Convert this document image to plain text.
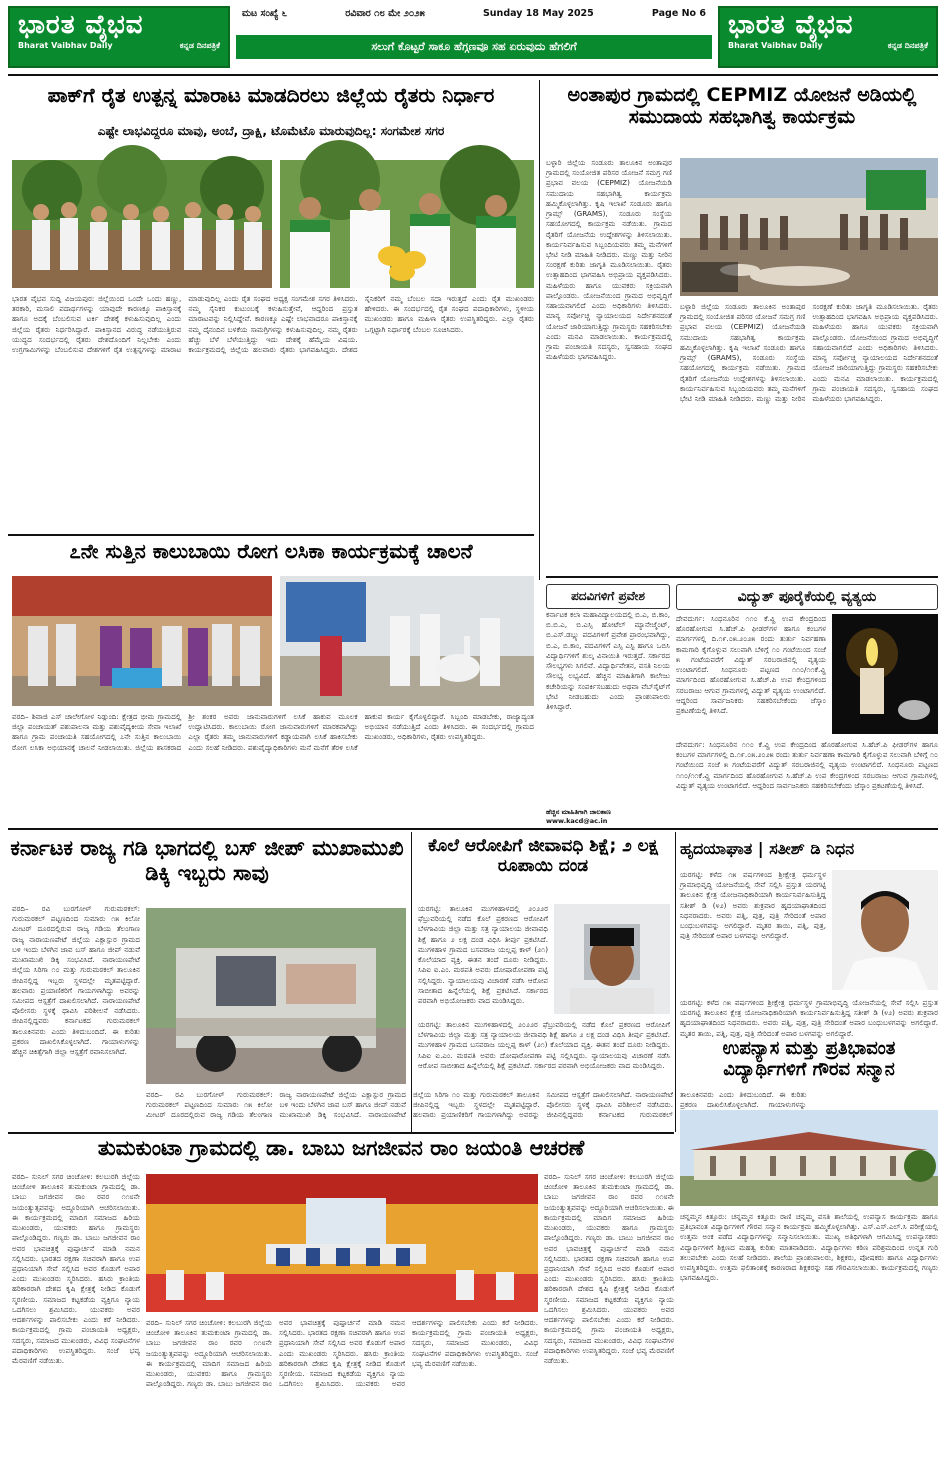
ಭಾರತ ವೈಭವ
Bharat Vaibhav Daily	ಕನ್ನಡ ದಿನಪತ್ರಿಕೆ
ಮಟ ಸಂಖ್ಯೆ ೬	ರವಿವಾರ ೧೮ ಮೇ ೨೦೨೫	Sunday 18 May 2025	Page No 6
ಸಲುಗೆ ಕೊಟ್ಟರೆ ಸಾಕೂ ಹೆಗ್ಗಣವೂ ಸಹ ಏರುವುದು ಹೆಗಲಿಗೆ
ಭಾರತ ವೈಭವ
Bharat Vaibhav Daily	ಕನ್ನಡ ದಿನಪತ್ರಿಕೆ
ಪಾಕ್‌ಗೆ ರೈತ ಉತ್ಪನ್ನ ಮಾರಾಟ ಮಾಡದಿರಲು ಜಿಲ್ಲೆಯ ರೈತರು ನಿರ್ಧಾರ
ಎಷ್ಟೇ ಲಾಭವಿದ್ದರೂ ಮಾವು, ಅಂಬೆ, ದ್ರಾಕ್ಷಿ, ಟೊಮೆಟೊ ಮಾರುವುದಿಲ್ಲ: ಸಂಗಮೇಶ ಸಗರ
ಭಾರತ ವೈಭವ ಸುದ್ದಿ ವಿಜಯಪುರ: ಜಿಲ್ಲೆಯಿಂದ ಒಂದೇ ಒಂದು ಹಣ್ಣು, ತರಕಾರಿ, ಮಸಾಲಿ ಪದಾರ್ಥಗಳನ್ನು ಯಾವುದೇ ಕಾರಣಕ್ಕೂ ಪಾಕಿಸ್ತಾನಕ್ಕೆ ಹಾಗೂ ಅದಕ್ಕೆ ಬೆಂಬಲಿಸುವ ಟರ್ಕಿ ದೇಶಕ್ಕೆ ಕಳುಹಿಸುವುದಿಲ್ಲ ಎಂದು ಜಿಲ್ಲೆಯ ರೈತರು ನಿರ್ಧರಿಸಿದ್ದಾರೆ. ಪಾಕಿಸ್ತಾನದ ವಿರುದ್ಧ ನಡೆಯುತ್ತಿರುವ ಯುದ್ಧದ ಸಂದರ್ಭದಲ್ಲಿ ರೈತರು ದೇಶದೊಂದಿಗೆ ನಿಲ್ಲಬೇಕು ಎಂದು ಉಗ್ರಗಾಮಿಗಳನ್ನು ಬೆಂಬಲಿಸುವ ದೇಶಗಳಿಗೆ ರೈತ ಉತ್ಪನ್ನಗಳನ್ನು ಮಾರಾಟ ಮಾಡುವುದಿಲ್ಲ ಎಂದು ರೈತ ಸಂಘದ ಅಧ್ಯಕ್ಷ ಸಂಗಮೇಶ ಸಗರ ತಿಳಿಸಿದರು. ನಮ್ಮ ಸೈನಿಕರ ಕುಟುಂಬಕ್ಕೆ ಕಳುಹಿಸುತ್ತೇವೆ, ಆದ್ದರಿಂದ ಪ್ರಸ್ತುತ ಮಾರಾಟವನ್ನು ನಿಲ್ಲಿಸಿದ್ದೇವೆ. ಕಾರಣಕ್ಕೂ ಎಷ್ಟೇ ಲಾಭವಾದರೂ ಪಾಕಿಸ್ತಾನಕ್ಕೆ ನಮ್ಮ ದೈನಂದಿನ ಬಳಕೆಯ ಸಾಮಗ್ರಿಗಳನ್ನು ಕಳುಹಿಸುವುದಿಲ್ಲ. ನಮ್ಮ ರೈತರು ಹೆಚ್ಚು ಬೆಳೆ ಬೆಳೆಯುತ್ತಿದ್ದು ಇದು ದೇಶಕ್ಕೆ ಹೆಮ್ಮೆಯ ವಿಷಯ. ಕಾರ್ಯಕ್ರಮದಲ್ಲಿ ಜಿಲ್ಲೆಯ ಹಲವಾರು ರೈತರು ಭಾಗವಹಿಸಿದ್ದರು. ದೇಶದ ಸೈನಿಕರಿಗೆ ನಮ್ಮ ಬೆಂಬಲ ಸದಾ ಇರುತ್ತದೆ ಎಂದು ರೈತ ಮುಖಂಡರು ಹೇಳಿದರು. ಈ ಸಂದರ್ಭದಲ್ಲಿ ರೈತ ಸಂಘದ ಪದಾಧಿಕಾರಿಗಳು, ಸ್ಥಳೀಯ ಮುಖಂಡರು ಹಾಗೂ ಮಹಿಳಾ ರೈತರು ಉಪಸ್ಥಿತರಿದ್ದರು. ಎಲ್ಲಾ ರೈತರು ಒಗ್ಗಟ್ಟಾಗಿ ನಿರ್ಧಾರಕ್ಕೆ ಬೆಂಬಲ ಸೂಚಿಸಿದರು.
ಅಂತಾಪುರ ಗ್ರಾಮದಲ್ಲಿ CEPMIZ ಯೋಜನೆ ಅಡಿಯಲ್ಲಿ ಸಮುದಾಯ ಸಹಭಾಗಿತ್ವ ಕಾರ್ಯಕ್ರಮ
ಬಳ್ಳಾರಿ ಜಿಲ್ಲೆಯ ಸಂಡೂರು ತಾಲೂಕಿನ ಅಂತಾಪುರ ಗ್ರಾಮದಲ್ಲಿ ಸಂಯೋಜಿತ ಪರಿಸರ ಯೋಜನೆ ಸಮಗ್ರ ಗಣಿ ಪ್ರಭಾವ ವಲಯ (CEPMIZ) ಯೋಜನೆಯಡಿ ಸಮುದಾಯ ಸಹಭಾಗಿತ್ವ ಕಾರ್ಯಕ್ರಮ ಹಮ್ಮಿಕೊಳ್ಳಲಾಗಿತ್ತು. ಕೃಷಿ ಇಲಾಖೆ ಸಂಡೂರು ಹಾಗೂ ಗ್ರಾಮ್ಸ್ (GRAMS), ಸಂಡೂರು ಸಂಸ್ಥೆಯ ಸಹಯೋಗದಲ್ಲಿ ಕಾರ್ಯಕ್ರಮ ನಡೆಯಿತು. ಗ್ರಾಮದ ರೈತರಿಗೆ ಯೋಜನೆಯ ಉದ್ದೇಶಗಳನ್ನು ತಿಳಿಸಲಾಯಿತು. ಕಾರ್ಯನಿರ್ವಹಿಸುವ ಸಿಬ್ಬಂದಿಯವರು ತಮ್ಮ ಮನೆಗಳಿಗೆ ಭೇಟಿ ನೀಡಿ ಮಾಹಿತಿ ನೀಡಿದರು. ಮಣ್ಣು ಮತ್ತು ನೀರಿನ ಸಂರಕ್ಷಣೆ ಕುರಿತು ಜಾಗೃತಿ ಮೂಡಿಸಲಾಯಿತು. ರೈತರು ಉತ್ಸಾಹದಿಂದ ಭಾಗವಹಿಸಿ ಅಭಿಪ್ರಾಯ ವ್ಯಕ್ತಪಡಿಸಿದರು. ಮಹಿಳೆಯರು ಹಾಗೂ ಯುವಕರು ಸಕ್ರಿಯವಾಗಿ ಪಾಲ್ಗೊಂಡರು. ಯೋಜನೆಯಿಂದ ಗ್ರಾಮದ ಅಭಿವೃದ್ಧಿಗೆ ಸಹಾಯವಾಗಲಿದೆ ಎಂದು ಅಧಿಕಾರಿಗಳು ತಿಳಿಸಿದರು. ಮಾನ್ಯ ಸರ್ವೋಚ್ಚ ನ್ಯಾಯಾಲಯದ ನಿರ್ದೇಶನದಂತೆ ಯೋಜನೆ ಜಾರಿಯಾಗುತ್ತಿದ್ದು ಗ್ರಾಮಸ್ಥರು ಸಹಕರಿಸಬೇಕು ಎಂದು ಮನವಿ ಮಾಡಲಾಯಿತು. ಕಾರ್ಯಕ್ರಮದಲ್ಲಿ ಗ್ರಾಮ ಪಂಚಾಯತಿ ಸದಸ್ಯರು, ಸ್ವಸಹಾಯ ಸಂಘದ ಮಹಿಳೆಯರು ಭಾಗವಹಿಸಿದ್ದರು.
ಬಳ್ಳಾರಿ ಜಿಲ್ಲೆಯ ಸಂಡೂರು ತಾಲೂಕಿನ ಅಂತಾಪುರ ಗ್ರಾಮದಲ್ಲಿ ಸಂಯೋಜಿತ ಪರಿಸರ ಯೋಜನೆ ಸಮಗ್ರ ಗಣಿ ಪ್ರಭಾವ ವಲಯ (CEPMIZ) ಯೋಜನೆಯಡಿ ಸಮುದಾಯ ಸಹಭಾಗಿತ್ವ ಕಾರ್ಯಕ್ರಮ ಹಮ್ಮಿಕೊಳ್ಳಲಾಗಿತ್ತು. ಕೃಷಿ ಇಲಾಖೆ ಸಂಡೂರು ಹಾಗೂ ಗ್ರಾಮ್ಸ್ (GRAMS), ಸಂಡೂರು ಸಂಸ್ಥೆಯ ಸಹಯೋಗದಲ್ಲಿ ಕಾರ್ಯಕ್ರಮ ನಡೆಯಿತು. ಗ್ರಾಮದ ರೈತರಿಗೆ ಯೋಜನೆಯ ಉದ್ದೇಶಗಳನ್ನು ತಿಳಿಸಲಾಯಿತು. ಕಾರ್ಯನಿರ್ವಹಿಸುವ ಸಿಬ್ಬಂದಿಯವರು ತಮ್ಮ ಮನೆಗಳಿಗೆ ಭೇಟಿ ನೀಡಿ ಮಾಹಿತಿ ನೀಡಿದರು. ಮಣ್ಣು ಮತ್ತು ನೀರಿನ ಸಂರಕ್ಷಣೆ ಕುರಿತು ಜಾಗೃತಿ ಮೂಡಿಸಲಾಯಿತು. ರೈತರು ಉತ್ಸಾಹದಿಂದ ಭಾಗವಹಿಸಿ ಅಭಿಪ್ರಾಯ ವ್ಯಕ್ತಪಡಿಸಿದರು. ಮಹಿಳೆಯರು ಹಾಗೂ ಯುವಕರು ಸಕ್ರಿಯವಾಗಿ ಪಾಲ್ಗೊಂಡರು. ಯೋಜನೆಯಿಂದ ಗ್ರಾಮದ ಅಭಿವೃದ್ಧಿಗೆ ಸಹಾಯವಾಗಲಿದೆ ಎಂದು ಅಧಿಕಾರಿಗಳು ತಿಳಿಸಿದರು. ಮಾನ್ಯ ಸರ್ವೋಚ್ಚ ನ್ಯಾಯಾಲಯದ ನಿರ್ದೇಶನದಂತೆ ಯೋಜನೆ ಜಾರಿಯಾಗುತ್ತಿದ್ದು ಗ್ರಾಮಸ್ಥರು ಸಹಕರಿಸಬೇಕು ಎಂದು ಮನವಿ ಮಾಡಲಾಯಿತು. ಕಾರ್ಯಕ್ರಮದಲ್ಲಿ ಗ್ರಾಮ ಪಂಚಾಯತಿ ಸದಸ್ಯರು, ಸ್ವಸಹಾಯ ಸಂಘದ ಮಹಿಳೆಯರು ಭಾಗವಹಿಸಿದ್ದರು.
೭ನೇ ಸುತ್ತಿನ ಕಾಲುಬಾಯಿ ರೋಗ ಲಸಿಕಾ ಕಾರ್ಯಕ್ರಮಕ್ಕೆ ಚಾಲನೆ
ವರದಿ– ಶಿವಾಜಿ ಎಸ್ ಚಾಲೇಗೋಳ ನಿಡ್ಗುಂದಿ: ಕ್ಷೇತ್ರದ ಭೀಮ ಗ್ರಾಮದಲ್ಲಿ ಜಿಲ್ಲಾ ಪಂಚಾಯತ್ ಪಶುಪಾಲನಾ ಮತ್ತು ಪಶುವೈದ್ಯಕೀಯ ಸೇವಾ ಇಲಾಖೆ ಹಾಗೂ ಗ್ರಾಮ ಪಂಚಾಯತಿ ಸಹಯೋಗದಲ್ಲಿ ೭ನೇ ಸುತ್ತಿನ ಕಾಲುಬಾಯಿ ರೋಗ ಲಸಿಕಾ ಅಭಿಯಾನಕ್ಕೆ ಚಾಲನೆ ನೀಡಲಾಯಿತು. ಜಿಲ್ಲೆಯ ಶಾಸಕರಾದ ಶ್ರೀ ಶಂಕರ ಅವರು ಜಾನುವಾರುಗಳಿಗೆ ಲಸಿಕೆ ಹಾಕುವ ಮೂಲಕ ಉದ್ಘಾಟಿಸಿದರು. ಕಾಲುಬಾಯಿ ರೋಗ ಜಾನುವಾರುಗಳಿಗೆ ಮಾರಕವಾಗಿದ್ದು ಎಲ್ಲಾ ರೈತರು ತಮ್ಮ ಜಾನುವಾರುಗಳಿಗೆ ಕಡ್ಡಾಯವಾಗಿ ಲಸಿಕೆ ಹಾಕಿಸಬೇಕು ಎಂದು ಸಲಹೆ ನೀಡಿದರು. ಪಶುವೈದ್ಯಾಧಿಕಾರಿಗಳು ಮನೆ ಮನೆಗೆ ತೆರಳಿ ಲಸಿಕೆ ಹಾಕುವ ಕಾರ್ಯ ಕೈಗೊಳ್ಳಲಿದ್ದಾರೆ. ಸಿಬ್ಬಂದಿ ಮಾಡಬೇಕು, ರಾಜ್ಯಾದ್ಯಂತ ಅಭಿಯಾನ ನಡೆಯುತ್ತಿದೆ ಎಂದು ತಿಳಿಸಿದರು. ಈ ಸಂದರ್ಭದಲ್ಲಿ ಗ್ರಾಮದ ಮುಖಂಡರು, ಅಧಿಕಾರಿಗಳು, ರೈತರು ಉಪಸ್ಥಿತರಿದ್ದರು.
ಪದವಿಗಳಿಗೆ ಪ್ರವೇಶ
ಕರ್ನಾಟಕ ಕಲಾ ಮಹಾವಿದ್ಯಾಲಯದಲ್ಲಿ ಬಿ.ಎ, ಬಿ.ಕಾಂ, ಬಿ.ಬಿ.ಎ, ಬಿ.ಎಸ್ಸಿ ಹೋಟೆಲ್ ಮ್ಯಾನೇಜ್ಮೆಂಟ್, ಬಿ.ಎಸ್.ಡಬ್ಲ್ಯು ಪದವಿಗಳಿಗೆ ಪ್ರವೇಶ ಪ್ರಾರಂಭವಾಗಿದ್ದು, ಬಿ.ಎ, ಬಿ.ಕಾಂ, ಪದವಿಗಳಿಗೆ ಎಸ್ಸಿ ಎಸ್ಟಿ ಹಾಗೂ ಒಬಿಸಿ ವಿದ್ಯಾರ್ಥಿಗಳಿಗೆ ಶುಲ್ಕ ವಿನಾಯಿತಿ ಇರುತ್ತದೆ. ಸರ್ಕಾರದ ಸೌಲಭ್ಯಗಳು ಸಿಗಲಿವೆ. ವಿದ್ಯಾರ್ಥಿವೇತನ, ವಸತಿ ನಿಲಯ ಸೌಲಭ್ಯ ಲಭ್ಯವಿದೆ. ಹೆಚ್ಚಿನ ಮಾಹಿತಿಗಾಗಿ ಕಾಲೇಜು ಕಚೇರಿಯನ್ನು ಸಂಪರ್ಕಿಸಬಹುದು ಅಥವಾ ವೆಬ್‌ಸೈಟ್‌ಗೆ ಭೇಟಿ ನೀಡಬಹುದು ಎಂದು ಪ್ರಾಂಶುಪಾಲರು ತಿಳಿಸಿದ್ದಾರೆ.
ಹೆಚ್ಚಿನ ಮಾಹಿತಿಗಾಗಿ ಜಾಲತಾಣ www.kacd@ac.in
ವಿದ್ಯುತ್ ಪೂರೈಕೆಯಲ್ಲಿ ವ್ಯತ್ಯಯ
ದೇವದುರ್ಗ: ಸಿಂಧನೂರಿನ ೧೧೦ ಕೆ.ವ್ಹಿ ಉಪ ಕೇಂದ್ರದಿಂದ ಹೊರಹೋಗುವ ಸಿ.ಹೆಚ್.ಪಿ ಫೀಡರ್‌ಗಳ ಹಾಗೂ ಕಂಬಗಳ ಮಾರ್ಗಗಳಲ್ಲಿ ದಿ.೧೯.೦೫.೨೦೨೫ ರಂದು ತುರ್ತು ನಿರ್ವಹಣಾ ಕಾಮಗಾರಿ ಕೈಗೊಳ್ಳುವ ಸಲುವಾಗಿ ಬೆಳಿಗ್ಗೆ ೧೦ ಗಂಟೆಯಿಂದ ಸಂಜೆ ೫ ಗಂಟೆಯವರೆಗೆ ವಿದ್ಯುತ್ ಸರಬರಾಜಿನಲ್ಲಿ ವ್ಯತ್ಯಯ ಉಂಟಾಗಲಿದೆ. ಸಿಂಧನೂರು ಪಟ್ಟಣದ ೧೧೦/೧೧ಕೆ.ವ್ಹಿ ಮಾರ್ಗದಿಂದ ಹೊರಹೋಗುವ ಸಿ.ಹೆಚ್.ಪಿ ಉಪ ಕೇಂದ್ರಗಳಿಂದ ಸರಬರಾಜು ಆಗುವ ಗ್ರಾಮಗಳಲ್ಲಿ ವಿದ್ಯುತ್ ವ್ಯತ್ಯಯ ಉಂಟಾಗಲಿದೆ. ಆದ್ದರಿಂದ ಸಾರ್ವಜನಿಕರು ಸಹಕರಿಸಬೇಕೆಂದು ಜೆಸ್ಕಾಂ ಪ್ರಕಟಣೆಯಲ್ಲಿ ತಿಳಿಸಿದೆ.
ದೇವದುರ್ಗ: ಸಿಂಧನೂರಿನ ೧೧೦ ಕೆ.ವ್ಹಿ ಉಪ ಕೇಂದ್ರದಿಂದ ಹೊರಹೋಗುವ ಸಿ.ಹೆಚ್.ಪಿ ಫೀಡರ್‌ಗಳ ಹಾಗೂ ಕಂಬಗಳ ಮಾರ್ಗಗಳಲ್ಲಿ ದಿ.೧೯.೦೫.೨೦೨೫ ರಂದು ತುರ್ತು ನಿರ್ವಹಣಾ ಕಾಮಗಾರಿ ಕೈಗೊಳ್ಳುವ ಸಲುವಾಗಿ ಬೆಳಿಗ್ಗೆ ೧೦ ಗಂಟೆಯಿಂದ ಸಂಜೆ ೫ ಗಂಟೆಯವರೆಗೆ ವಿದ್ಯುತ್ ಸರಬರಾಜಿನಲ್ಲಿ ವ್ಯತ್ಯಯ ಉಂಟಾಗಲಿದೆ. ಸಿಂಧನೂರು ಪಟ್ಟಣದ ೧೧೦/೧೧ಕೆ.ವ್ಹಿ ಮಾರ್ಗದಿಂದ ಹೊರಹೋಗುವ ಸಿ.ಹೆಚ್.ಪಿ ಉಪ ಕೇಂದ್ರಗಳಿಂದ ಸರಬರಾಜು ಆಗುವ ಗ್ರಾಮಗಳಲ್ಲಿ ವಿದ್ಯುತ್ ವ್ಯತ್ಯಯ ಉಂಟಾಗಲಿದೆ. ಆದ್ದರಿಂದ ಸಾರ್ವಜನಿಕರು ಸಹಕರಿಸಬೇಕೆಂದು ಜೆಸ್ಕಾಂ ಪ್ರಕಟಣೆಯಲ್ಲಿ ತಿಳಿಸಿದೆ.
ಕರ್ನಾಟಕ ರಾಜ್ಯ ಗಡಿ ಭಾಗದಲ್ಲಿ ಬಸ್ ಜೀಪ್ ಮುಖಾಮುಖಿ ಡಿಕ್ಕಿ ಇಬ್ಬರು ಸಾವು
ವರದಿ– ರವಿ ಬುರಗೋಳ್ ಗುರುಮಠಕಲ್: ಗುರುಮಠಕಲ್ ಪಟ್ಟಣದಿಂದ ಸುಮಾರು ೧೫ ಕಿಲೋ ಮೀಟರ್ ದೂರದಲ್ಲಿರುವ ರಾಜ್ಯ ಗಡಿಯ ತೆಲಂಗಾಣ ರಾಜ್ಯ ನಾರಾಯಣಪೇಟೆ ಜಿಲ್ಲೆಯ ಎಕ್ಲಾಸ್ಪುರ ಗ್ರಾಮದ ಬಳಿ ಇಂದು ಬೆಳಗಿನ ಜಾವ ಬಸ್ ಹಾಗೂ ಜೀಪ್ ನಡುವೆ ಮುಖಾಮುಖಿ ಡಿಕ್ಕಿ ಸಂಭವಿಸಿದೆ. ನಾರಾಯಣಪೇಟೆ ಜಿಲ್ಲೆಯ ಸಿರಿಗಾ ೧೦ ಮತ್ತು ಗುರುಮಠಕಲ್ ತಾಲೂಕಿನ ಜೀಪಿನಲ್ಲಿದ್ದ ಇಬ್ಬರು ಸ್ಥಳದಲ್ಲೇ ಮೃತಪಟ್ಟಿದ್ದಾರೆ. ಹಲವಾರು ಪ್ರಯಾಣಿಕರಿಗೆ ಗಾಯಗಳಾಗಿದ್ದು ಅವರನ್ನು ಸಮೀಪದ ಆಸ್ಪತ್ರೆಗೆ ದಾಖಲಿಸಲಾಗಿದೆ. ನಾರಾಯಣಪೇಟೆ ಪೊಲೀಸರು ಸ್ಥಳಕ್ಕೆ ಧಾವಿಸಿ ಪರಿಶೀಲನೆ ನಡೆಸಿದರು. ಜೀಪಿನಲ್ಲಿದ್ದವರು ಕರ್ನಾಟಕದ ಗುರುಮಠಕಲ್ ತಾಲೂಕಿನವರು ಎಂದು ತಿಳಿದುಬಂದಿದೆ. ಈ ಕುರಿತು ಪ್ರಕರಣ ದಾಖಲಿಸಿಕೊಳ್ಳಲಾಗಿದೆ. ಗಾಯಾಳುಗಳನ್ನು ಹೆಚ್ಚಿನ ಚಿಕಿತ್ಸೆಗಾಗಿ ಜಿಲ್ಲಾ ಆಸ್ಪತ್ರೆಗೆ ರವಾನಿಸಲಾಗಿದೆ.
ವರದಿ– ರವಿ ಬುರಗೋಳ್ ಗುರುಮಠಕಲ್: ಗುರುಮಠಕಲ್ ಪಟ್ಟಣದಿಂದ ಸುಮಾರು ೧೫ ಕಿಲೋ ಮೀಟರ್ ದೂರದಲ್ಲಿರುವ ರಾಜ್ಯ ಗಡಿಯ ತೆಲಂಗಾಣ ರಾಜ್ಯ ನಾರಾಯಣಪೇಟೆ ಜಿಲ್ಲೆಯ ಎಕ್ಲಾಸ್ಪುರ ಗ್ರಾಮದ ಬಳಿ ಇಂದು ಬೆಳಗಿನ ಜಾವ ಬಸ್ ಹಾಗೂ ಜೀಪ್ ನಡುವೆ ಮುಖಾಮುಖಿ ಡಿಕ್ಕಿ ಸಂಭವಿಸಿದೆ. ನಾರಾಯಣಪೇಟೆ ಜಿಲ್ಲೆಯ ಸಿರಿಗಾ ೧೦ ಮತ್ತು ಗುರುಮಠಕಲ್ ತಾಲೂಕಿನ ಜೀಪಿನಲ್ಲಿದ್ದ ಇಬ್ಬರು ಸ್ಥಳದಲ್ಲೇ ಮೃತಪಟ್ಟಿದ್ದಾರೆ. ಹಲವಾರು ಪ್ರಯಾಣಿಕರಿಗೆ ಗಾಯಗಳಾಗಿದ್ದು ಅವರನ್ನು ಸಮೀಪದ ಆಸ್ಪತ್ರೆಗೆ ದಾಖಲಿಸಲಾಗಿದೆ. ನಾರಾಯಣಪೇಟೆ ಪೊಲೀಸರು ಸ್ಥಳಕ್ಕೆ ಧಾವಿಸಿ ಪರಿಶೀಲನೆ ನಡೆಸಿದರು. ಜೀಪಿನಲ್ಲಿದ್ದವರು ಕರ್ನಾಟಕದ ಗುರುಮಠಕಲ್ ತಾಲೂಕಿನವರು ಎಂದು ತಿಳಿದುಬಂದಿದೆ. ಈ ಕುರಿತು ಪ್ರಕರಣ ದಾಖಲಿಸಿಕೊಳ್ಳಲಾಗಿದೆ. ಗಾಯಾಳುಗಳನ್ನು
ಕೊಲೆ ಆರೋಪಿಗೆ ಜೀವಾವಧಿ ಶಿಕ್ಷೆ; ೨ ಲಕ್ಷ ರೂಪಾಯಿ ದಂಡ
ಯರಗಟ್ಟಿ: ತಾಲೂಕಿನ ಮುಗಳಿಹಾಳದಲ್ಲಿ ೨೦೨೨ರ ಫೆಬ್ರುವರಿಯಲ್ಲಿ ನಡೆದ ಕೊಲೆ ಪ್ರಕರಣದ ಆರೋಪಿಗೆ ಬೆಳಗಾವಿಯ ಜಿಲ್ಲಾ ಮತ್ತು ಸತ್ರ ನ್ಯಾಯಾಲಯ ಜೀವಾವಧಿ ಶಿಕ್ಷೆ ಹಾಗೂ ೨ ಲಕ್ಷ ದಂಡ ವಿಧಿಸಿ ತೀರ್ಪು ಪ್ರಕಟಿಸಿದೆ. ಮುಗಳಿಹಾಳ ಗ್ರಾಮದ ಬಸವರಾಜ ಯಲ್ಲಪ್ಪ ಕಾಳ್ (೨೧) ಕೊಲೆಯಾದ ವ್ಯಕ್ತಿ. ಈತನ ತಂದೆ ದೂರು ನೀಡಿದ್ದರು. ಸಿಪಿಐ ಐ.ಎಂ. ಮಠಪತಿ ಅವರು ದೋಷಾರೋಪಣಾ ಪಟ್ಟಿ ಸಲ್ಲಿಸಿದ್ದರು. ನ್ಯಾಯಾಲಯವು ವಿಚಾರಣೆ ನಡೆಸಿ ಆರೋಪ ಸಾಬೀತಾದ ಹಿನ್ನೆಲೆಯಲ್ಲಿ ಶಿಕ್ಷೆ ಪ್ರಕಟಿಸಿದೆ. ಸರ್ಕಾರದ ಪರವಾಗಿ ಅಭಿಯೋಜಕರು ವಾದ ಮಂಡಿಸಿದ್ದರು.
ಯರಗಟ್ಟಿ: ತಾಲೂಕಿನ ಮುಗಳಿಹಾಳದಲ್ಲಿ ೨೦೨೨ರ ಫೆಬ್ರುವರಿಯಲ್ಲಿ ನಡೆದ ಕೊಲೆ ಪ್ರಕರಣದ ಆರೋಪಿಗೆ ಬೆಳಗಾವಿಯ ಜಿಲ್ಲಾ ಮತ್ತು ಸತ್ರ ನ್ಯಾಯಾಲಯ ಜೀವಾವಧಿ ಶಿಕ್ಷೆ ಹಾಗೂ ೨ ಲಕ್ಷ ದಂಡ ವಿಧಿಸಿ ತೀರ್ಪು ಪ್ರಕಟಿಸಿದೆ. ಮುಗಳಿಹಾಳ ಗ್ರಾಮದ ಬಸವರಾಜ ಯಲ್ಲಪ್ಪ ಕಾಳ್ (೨೧) ಕೊಲೆಯಾದ ವ್ಯಕ್ತಿ. ಈತನ ತಂದೆ ದೂರು ನೀಡಿದ್ದರು. ಸಿಪಿಐ ಐ.ಎಂ. ಮಠಪತಿ ಅವರು ದೋಷಾರೋಪಣಾ ಪಟ್ಟಿ ಸಲ್ಲಿಸಿದ್ದರು. ನ್ಯಾಯಾಲಯವು ವಿಚಾರಣೆ ನಡೆಸಿ ಆರೋಪ ಸಾಬೀತಾದ ಹಿನ್ನೆಲೆಯಲ್ಲಿ ಶಿಕ್ಷೆ ಪ್ರಕಟಿಸಿದೆ. ಸರ್ಕಾರದ ಪರವಾಗಿ ಅಭಿಯೋಜಕರು ವಾದ ಮಂಡಿಸಿದ್ದರು.
ಹೃದಯಾಘಾತ | ಸತೀಶ್ ಡಿ ನಿಧನ
ಯರಗಟ್ಟಿ: ಕಳೆದ ೧೫ ವರ್ಷಗಳಿಂದ ಶ್ರೀಕ್ಷೇತ್ರ ಧರ್ಮಸ್ಥಳ ಗ್ರಾಮಾಭಿವೃದ್ಧಿ ಯೋಜನೆಯಲ್ಲಿ ಸೇವೆ ಸಲ್ಲಿಸಿ ಪ್ರಸ್ತುತ ಯರಗಟ್ಟಿ ತಾಲೂಕಿನ ಕ್ಷೇತ್ರ ಯೋಜನಾಧಿಕಾರಿಯಾಗಿ ಕಾರ್ಯನಿರ್ವಹಿಸುತ್ತಿದ್ದ ಸತೀಶ್ ಡಿ (೪೨) ಅವರು ಶುಕ್ರವಾರ ಹೃದಯಾಘಾತದಿಂದ ನಿಧನರಾದರು. ಅವರು ಪತ್ನಿ, ಪುತ್ರ, ಪುತ್ರಿ ಸೇರಿದಂತೆ ಅಪಾರ ಬಂಧುಬಳಗವನ್ನು ಅಗಲಿದ್ದಾರೆ. ಮೃತರ ತಾಯಿ, ಪತ್ನಿ, ಪುತ್ರ, ಪುತ್ರಿ ಸೇರಿದಂತೆ ಅಪಾರ ಬಳಗವನ್ನು ಅಗಲಿದ್ದಾರೆ.
ಯರಗಟ್ಟಿ: ಕಳೆದ ೧೫ ವರ್ಷಗಳಿಂದ ಶ್ರೀಕ್ಷೇತ್ರ ಧರ್ಮಸ್ಥಳ ಗ್ರಾಮಾಭಿವೃದ್ಧಿ ಯೋಜನೆಯಲ್ಲಿ ಸೇವೆ ಸಲ್ಲಿಸಿ ಪ್ರಸ್ತುತ ಯರಗಟ್ಟಿ ತಾಲೂಕಿನ ಕ್ಷೇತ್ರ ಯೋಜನಾಧಿಕಾರಿಯಾಗಿ ಕಾರ್ಯನಿರ್ವಹಿಸುತ್ತಿದ್ದ ಸತೀಶ್ ಡಿ (೪೨) ಅವರು ಶುಕ್ರವಾರ ಹೃದಯಾಘಾತದಿಂದ ನಿಧನರಾದರು. ಅವರು ಪತ್ನಿ, ಪುತ್ರ, ಪುತ್ರಿ ಸೇರಿದಂತೆ ಅಪಾರ ಬಂಧುಬಳಗವನ್ನು ಅಗಲಿದ್ದಾರೆ. ಮೃತರ ತಾಯಿ, ಪತ್ನಿ, ಪುತ್ರ, ಪುತ್ರಿ ಸೇರಿದಂತೆ ಅಪಾರ ಬಳಗವನ್ನು ಅಗಲಿದ್ದಾರೆ.
ಉಪನ್ಯಾಸ ಮತ್ತು ಪ್ರತಿಭಾವಂತ ವಿದ್ಯಾರ್ಥಿಗಳಿಗೆ ಗೌರವ ಸನ್ಮಾನ
ಚನ್ನಮ್ಮನ ಕಿತ್ತೂರು: ಚನ್ನಮ್ಮನ ಕಿತ್ತೂರು ರಾಣಿ ಚನ್ನಮ್ಮ ವಸತಿ ಶಾಲೆಯಲ್ಲಿ ಉಪನ್ಯಾಸ ಕಾರ್ಯಕ್ರಮ ಹಾಗೂ ಪ್ರತಿಭಾವಂತ ವಿದ್ಯಾರ್ಥಿಗಳಿಗೆ ಗೌರವ ಸನ್ಮಾನ ಕಾರ್ಯಕ್ರಮ ಹಮ್ಮಿಕೊಳ್ಳಲಾಗಿತ್ತು. ಎಸ್.ಎಸ್.ಎಲ್.ಸಿ ಪರೀಕ್ಷೆಯಲ್ಲಿ ಉತ್ತಮ ಅಂಕ ಪಡೆದ ವಿದ್ಯಾರ್ಥಿಗಳನ್ನು ಸನ್ಮಾನಿಸಲಾಯಿತು. ಮುಖ್ಯ ಅತಿಥಿಗಳಾಗಿ ಆಗಮಿಸಿದ್ದ ಉಪನ್ಯಾಸಕರು ವಿದ್ಯಾರ್ಥಿಗಳಿಗೆ ಶಿಕ್ಷಣದ ಮಹತ್ವ ಕುರಿತು ಮಾತನಾಡಿದರು. ವಿದ್ಯಾರ್ಥಿಗಳು ಕಠಿಣ ಪರಿಶ್ರಮದಿಂದ ಉನ್ನತ ಗುರಿ ತಲುಪಬೇಕು ಎಂದು ಸಲಹೆ ನೀಡಿದರು. ಶಾಲೆಯ ಪ್ರಾಂಶುಪಾಲರು, ಶಿಕ್ಷಕರು, ಪೋಷಕರು ಹಾಗೂ ವಿದ್ಯಾರ್ಥಿಗಳು ಉಪಸ್ಥಿತರಿದ್ದರು. ಉತ್ತಮ ಫಲಿತಾಂಶಕ್ಕೆ ಕಾರಣರಾದ ಶಿಕ್ಷಕರನ್ನು ಸಹ ಗೌರವಿಸಲಾಯಿತು. ಕಾರ್ಯಕ್ರಮದಲ್ಲಿ ಗಣ್ಯರು ಭಾಗವಹಿಸಿದ್ದರು.
ತುಮಕುಂಟಾ ಗ್ರಾಮದಲ್ಲಿ ಡಾ. ಬಾಬು ಜಗಜೀವನ ರಾಂ ಜಯಂತಿ ಆಚರಣೆ
ವರದಿ– ಸುನಿಲ್ ಸಗರ ಚಿಂಚೋಳಿ: ಕಲಬುರಗಿ ಜಿಲ್ಲೆಯ ಚಿಂಚೋಳಿ ತಾಲೂಕಿನ ತುಮಕುಂಟಾ ಗ್ರಾಮದಲ್ಲಿ ಡಾ. ಬಾಬು ಜಗಜೀವನ ರಾಂ ರವರ ೧೧೮ನೇ ಜಯಂತ್ಯುತ್ಸವವನ್ನು ಅದ್ದೂರಿಯಾಗಿ ಆಚರಿಸಲಾಯಿತು. ಈ ಕಾರ್ಯಕ್ರಮದಲ್ಲಿ ಮಾದಿಗ ಸಮಾಜದ ಹಿರಿಯ ಮುಖಂಡರು, ಯುವಕರು ಹಾಗೂ ಗ್ರಾಮಸ್ಥರು ಪಾಲ್ಗೊಂಡಿದ್ದರು. ಗಣ್ಯರು ಡಾ. ಬಾಬು ಜಗಜೀವನ ರಾಂ ಅವರ ಭಾವಚಿತ್ರಕ್ಕೆ ಪುಷ್ಪಾರ್ಚನೆ ಮಾಡಿ ನಮನ ಸಲ್ಲಿಸಿದರು. ಭಾರತದ ರಕ್ಷಣಾ ಸಚಿವರಾಗಿ ಹಾಗೂ ಉಪ ಪ್ರಧಾನಿಯಾಗಿ ಸೇವೆ ಸಲ್ಲಿಸಿದ ಅವರ ಕೊಡುಗೆ ಅಪಾರ ಎಂದು ಮುಖಂಡರು ಸ್ಮರಿಸಿದರು. ಹಸಿರು ಕ್ರಾಂತಿಯ ಹರಿಕಾರರಾಗಿ ದೇಶದ ಕೃಷಿ ಕ್ಷೇತ್ರಕ್ಕೆ ನೀಡಿದ ಕೊಡುಗೆ ಸ್ಮರಣೀಯ. ಸಮಾಜದ ಕಟ್ಟಕಡೆಯ ವ್ಯಕ್ತಿಗೂ ನ್ಯಾಯ ಒದಗಿಸಲು ಶ್ರಮಿಸಿದರು. ಯುವಕರು ಅವರ ಆದರ್ಶಗಳನ್ನು ಪಾಲಿಸಬೇಕು ಎಂದು ಕರೆ ನೀಡಿದರು. ಕಾರ್ಯಕ್ರಮದಲ್ಲಿ ಗ್ರಾಮ ಪಂಚಾಯತಿ ಅಧ್ಯಕ್ಷರು, ಸದಸ್ಯರು, ಸಮಾಜದ ಮುಖಂಡರು, ವಿವಿಧ ಸಂಘಟನೆಗಳ ಪದಾಧಿಕಾರಿಗಳು ಉಪಸ್ಥಿತರಿದ್ದರು. ಸಂಜೆ ಭವ್ಯ ಮೆರವಣಿಗೆ ನಡೆಯಿತು.
ವರದಿ– ಸುನಿಲ್ ಸಗರ ಚಿಂಚೋಳಿ: ಕಲಬುರಗಿ ಜಿಲ್ಲೆಯ ಚಿಂಚೋಳಿ ತಾಲೂಕಿನ ತುಮಕುಂಟಾ ಗ್ರಾಮದಲ್ಲಿ ಡಾ. ಬಾಬು ಜಗಜೀವನ ರಾಂ ರವರ ೧೧೮ನೇ ಜಯಂತ್ಯುತ್ಸವವನ್ನು ಅದ್ದೂರಿಯಾಗಿ ಆಚರಿಸಲಾಯಿತು. ಈ ಕಾರ್ಯಕ್ರಮದಲ್ಲಿ ಮಾದಿಗ ಸಮಾಜದ ಹಿರಿಯ ಮುಖಂಡರು, ಯುವಕರು ಹಾಗೂ ಗ್ರಾಮಸ್ಥರು ಪಾಲ್ಗೊಂಡಿದ್ದರು. ಗಣ್ಯರು ಡಾ. ಬಾಬು ಜಗಜೀವನ ರಾಂ ಅವರ ಭಾವಚಿತ್ರಕ್ಕೆ ಪುಷ್ಪಾರ್ಚನೆ ಮಾಡಿ ನಮನ ಸಲ್ಲಿಸಿದರು. ಭಾರತದ ರಕ್ಷಣಾ ಸಚಿವರಾಗಿ ಹಾಗೂ ಉಪ ಪ್ರಧಾನಿಯಾಗಿ ಸೇವೆ ಸಲ್ಲಿಸಿದ ಅವರ ಕೊಡುಗೆ ಅಪಾರ ಎಂದು ಮುಖಂಡರು ಸ್ಮರಿಸಿದರು. ಹಸಿರು ಕ್ರಾಂತಿಯ ಹರಿಕಾರರಾಗಿ ದೇಶದ ಕೃಷಿ ಕ್ಷೇತ್ರಕ್ಕೆ ನೀಡಿದ ಕೊಡುಗೆ ಸ್ಮರಣೀಯ. ಸಮಾಜದ ಕಟ್ಟಕಡೆಯ ವ್ಯಕ್ತಿಗೂ ನ್ಯಾಯ ಒದಗಿಸಲು ಶ್ರಮಿಸಿದರು. ಯುವಕರು ಅವರ ಆದರ್ಶಗಳನ್ನು ಪಾಲಿಸಬೇಕು ಎಂದು ಕರೆ ನೀಡಿದರು. ಕಾರ್ಯಕ್ರಮದಲ್ಲಿ ಗ್ರಾಮ ಪಂಚಾಯತಿ ಅಧ್ಯಕ್ಷರು, ಸದಸ್ಯರು, ಸಮಾಜದ ಮುಖಂಡರು, ವಿವಿಧ ಸಂಘಟನೆಗಳ ಪದಾಧಿಕಾರಿಗಳು ಉಪಸ್ಥಿತರಿದ್ದರು. ಸಂಜೆ ಭವ್ಯ ಮೆರವಣಿಗೆ ನಡೆಯಿತು.
ವರದಿ– ಸುನಿಲ್ ಸಗರ ಚಿಂಚೋಳಿ: ಕಲಬುರಗಿ ಜಿಲ್ಲೆಯ ಚಿಂಚೋಳಿ ತಾಲೂಕಿನ ತುಮಕುಂಟಾ ಗ್ರಾಮದಲ್ಲಿ ಡಾ. ಬಾಬು ಜಗಜೀವನ ರಾಂ ರವರ ೧೧೮ನೇ ಜಯಂತ್ಯುತ್ಸವವನ್ನು ಅದ್ದೂರಿಯಾಗಿ ಆಚರಿಸಲಾಯಿತು. ಈ ಕಾರ್ಯಕ್ರಮದಲ್ಲಿ ಮಾದಿಗ ಸಮಾಜದ ಹಿರಿಯ ಮುಖಂಡರು, ಯುವಕರು ಹಾಗೂ ಗ್ರಾಮಸ್ಥರು ಪಾಲ್ಗೊಂಡಿದ್ದರು. ಗಣ್ಯರು ಡಾ. ಬಾಬು ಜಗಜೀವನ ರಾಂ ಅವರ ಭಾವಚಿತ್ರಕ್ಕೆ ಪುಷ್ಪಾರ್ಚನೆ ಮಾಡಿ ನಮನ ಸಲ್ಲಿಸಿದರು. ಭಾರತದ ರಕ್ಷಣಾ ಸಚಿವರಾಗಿ ಹಾಗೂ ಉಪ ಪ್ರಧಾನಿಯಾಗಿ ಸೇವೆ ಸಲ್ಲಿಸಿದ ಅವರ ಕೊಡುಗೆ ಅಪಾರ ಎಂದು ಮುಖಂಡರು ಸ್ಮರಿಸಿದರು. ಹಸಿರು ಕ್ರಾಂತಿಯ ಹರಿಕಾರರಾಗಿ ದೇಶದ ಕೃಷಿ ಕ್ಷೇತ್ರಕ್ಕೆ ನೀಡಿದ ಕೊಡುಗೆ ಸ್ಮರಣೀಯ. ಸಮಾಜದ ಕಟ್ಟಕಡೆಯ ವ್ಯಕ್ತಿಗೂ ನ್ಯಾಯ ಒದಗಿಸಲು ಶ್ರಮಿಸಿದರು. ಯುವಕರು ಅವರ ಆದರ್ಶಗಳನ್ನು ಪಾಲಿಸಬೇಕು ಎಂದು ಕರೆ ನೀಡಿದರು. ಕಾರ್ಯಕ್ರಮದಲ್ಲಿ ಗ್ರಾಮ ಪಂಚಾಯತಿ ಅಧ್ಯಕ್ಷರು, ಸದಸ್ಯರು, ಸಮಾಜದ ಮುಖಂಡರು, ವಿವಿಧ ಸಂಘಟನೆಗಳ ಪದಾಧಿಕಾರಿಗಳು ಉಪಸ್ಥಿತರಿದ್ದರು. ಸಂಜೆ ಭವ್ಯ ಮೆರವಣಿಗೆ ನಡೆಯಿತು.
